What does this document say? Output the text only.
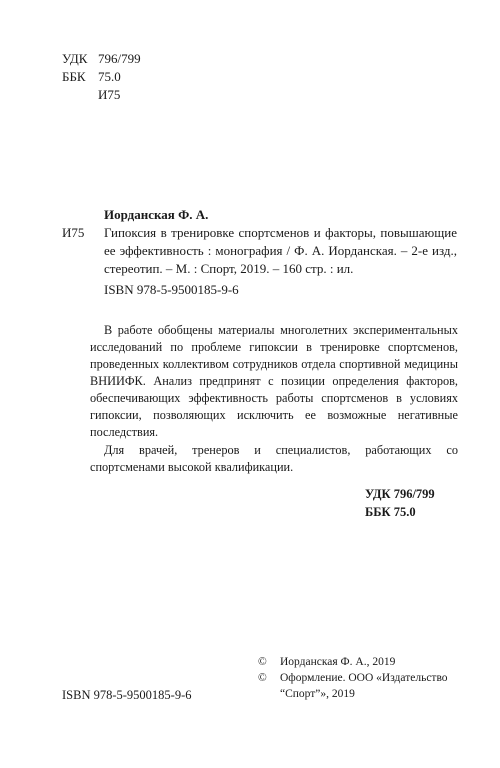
УДК 796/799
ББК 75.0
И75
Иорданская Ф. А.
И75 Гипоксия в тренировке спортсменов и факторы, повышающие ее эффективность : монография / Ф. А. Иорданская. – 2-е изд., стереотип. – М. : Спорт, 2019. – 160 стр. : ил.
ISBN 978-5-9500185-9-6

В работе обобщены материалы многолетних экспериментальных исследований по проблеме гипоксии в тренировке спортсменов, проведенных коллективом сотрудников отдела спортивной медицины ВНИИФК. Анализ предпринят с позиции определения факторов, обеспечивающих эффективность работы спортсменов в условиях гипоксии, позволяющих исключить ее возможные негативные последствия.

Для врачей, тренеров и специалистов, работающих со спортсменами высокой квалификации.

УДК 796/799
ББК 75.0
© Иорданская Ф. А., 2019
© Оформление. ООО «Издательство “Спорт”», 2019
ISBN 978-5-9500185-9-6
